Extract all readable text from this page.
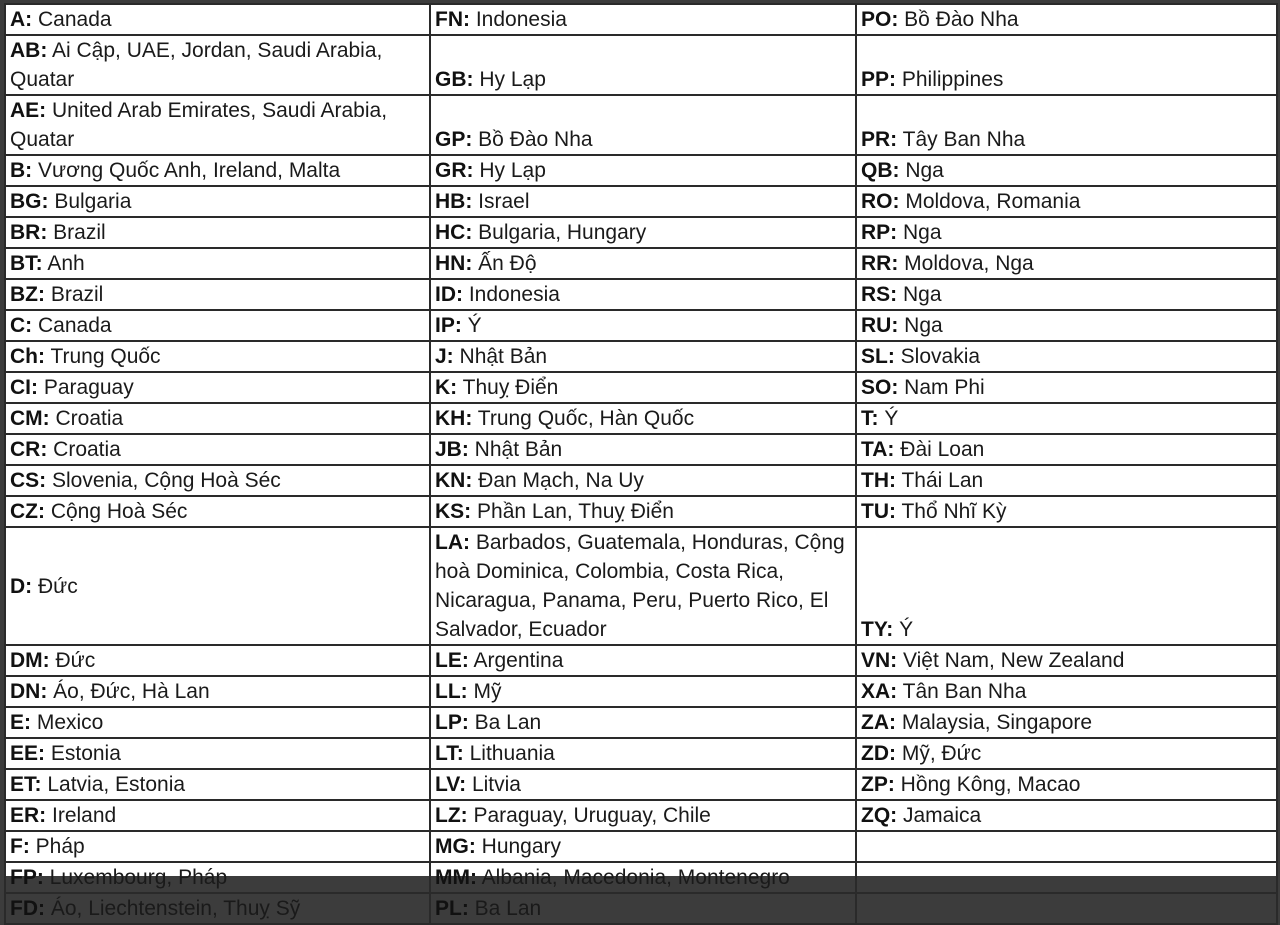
A: Canada	FN: Indonesia	PO: Bồ Đào Nha
AB: Ai Cập, UAE, Jordan, Saudi Arabia, Quatar	GB: Hy Lạp	PP: Philippines
AE: United Arab Emirates, Saudi Arabia, Quatar	GP: Bồ Đào Nha	PR: Tây Ban Nha
B: Vương Quốc Anh, Ireland, Malta	GR: Hy Lạp	QB: Nga
BG: Bulgaria	HB: Israel	RO: Moldova, Romania
BR: Brazil	HC: Bulgaria, Hungary	RP: Nga
BT: Anh	HN: Ấn Độ	RR: Moldova, Nga
BZ: Brazil	ID: Indonesia	RS: Nga
C: Canada	IP: Ý	RU: Nga
Ch: Trung Quốc	J: Nhật Bản	SL: Slovakia
CI: Paraguay	K: Thuỵ Điển	SO: Nam Phi
CM: Croatia	KH: Trung Quốc, Hàn Quốc	T: Ý
CR: Croatia	JB: Nhật Bản	TA: Đài Loan
CS: Slovenia, Cộng Hoà Séc	KN: Đan Mạch, Na Uy	TH: Thái Lan
CZ: Cộng Hoà Séc	KS: Phần Lan, Thuỵ Điển	TU: Thổ Nhĩ Kỳ
D: Đức	LA: Barbados, Guatemala, Honduras, Cộng hoà Dominica, Colombia, Costa Rica, Nicaragua, Panama, Peru, Puerto Rico, El Salvador, Ecuador	TY: Ý
DM: Đức	LE: Argentina	VN: Việt Nam, New Zealand
DN: Áo, Đức, Hà Lan	LL: Mỹ	XA: Tân Ban Nha
E: Mexico	LP: Ba Lan	ZA: Malaysia, Singapore
EE: Estonia	LT: Lithuania	ZD: Mỹ, Đức
ET: Latvia, Estonia	LV: Litvia	ZP: Hồng Kông, Macao
ER: Ireland	LZ: Paraguay, Uruguay, Chile	ZQ: Jamaica
F: Pháp	MG: Hungary	
FP: Luxembourg, Pháp	MM: Albania, Macedonia, Montenegro	
FD: Áo, Liechtenstein, Thuỵ Sỹ	PL: Ba Lan	
